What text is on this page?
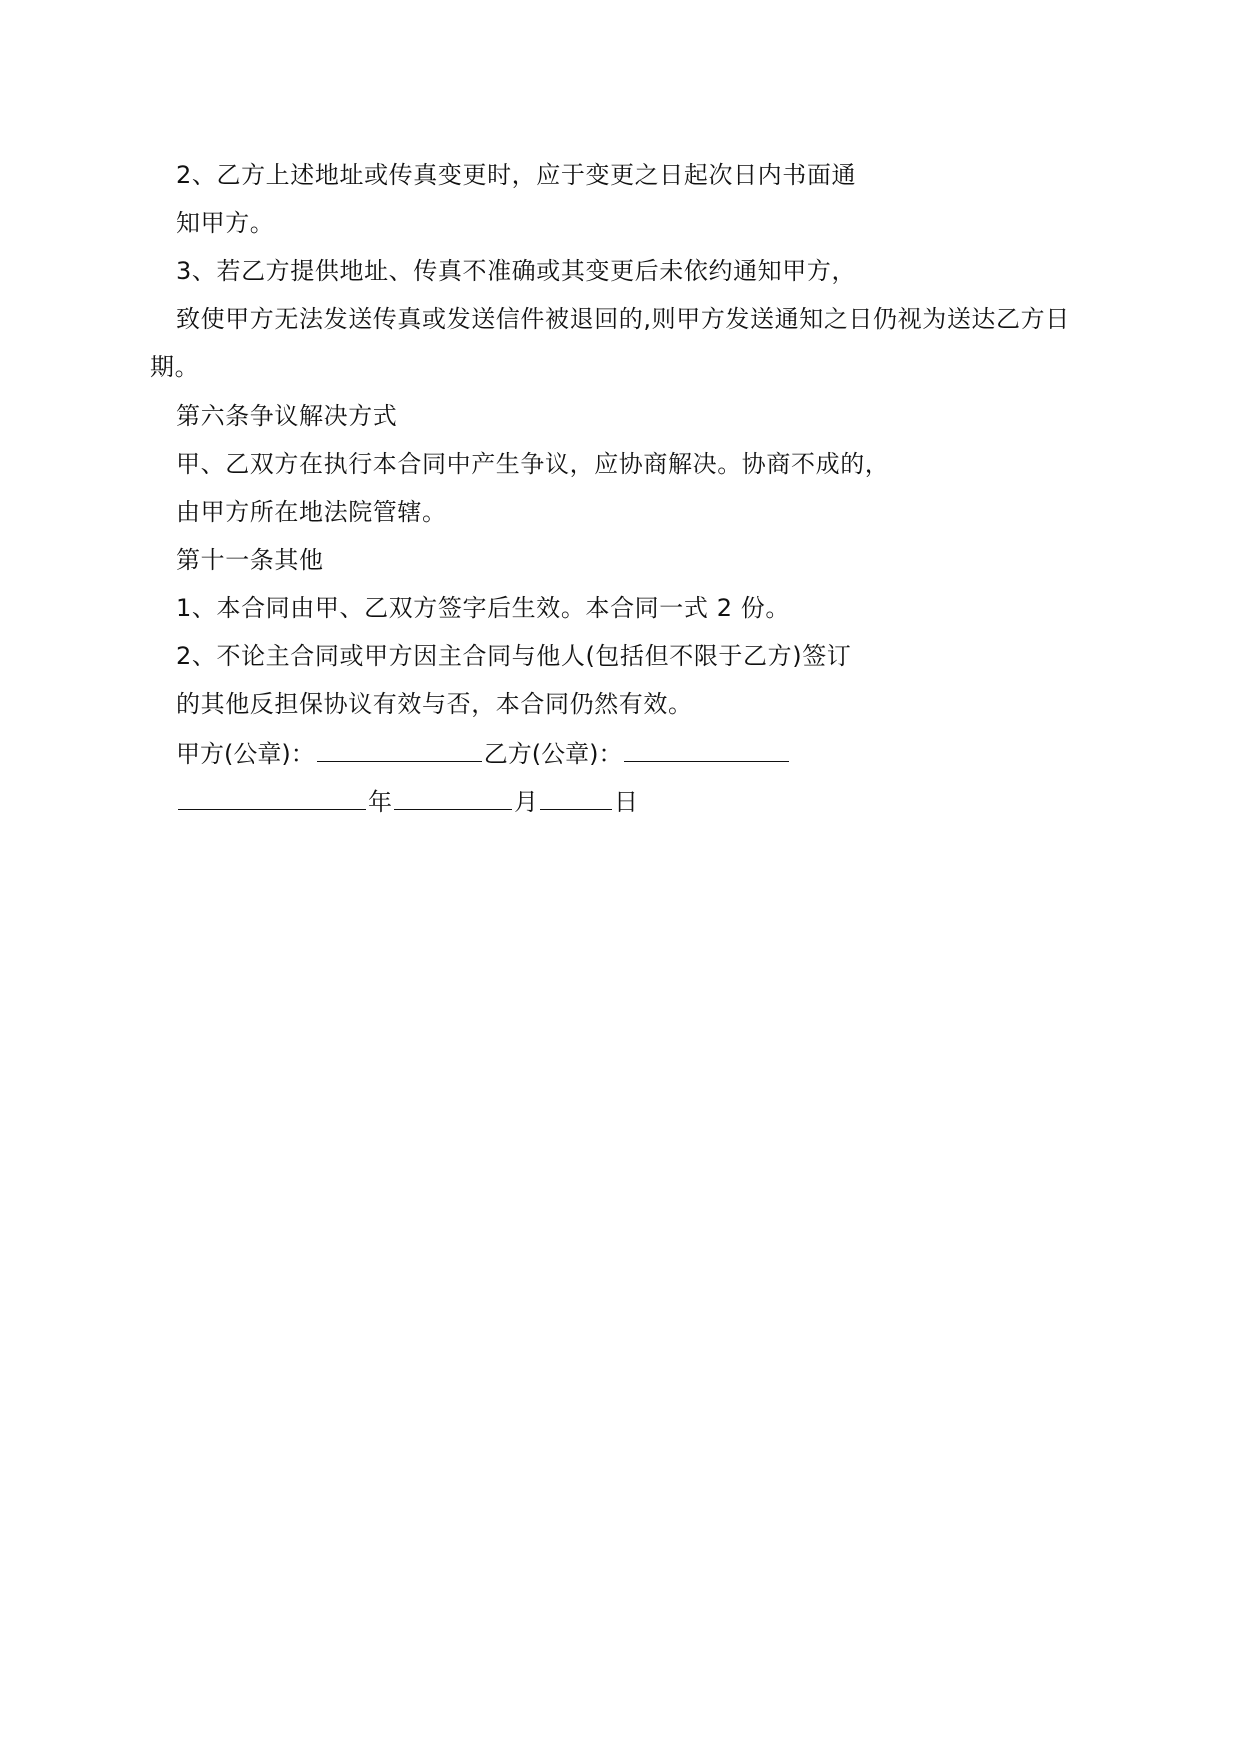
2、乙方上述地址或传真变更时，应于变更之日起次日内书面通
知甲方。
3、若乙方提供地址、传真不准确或其变更后未依约通知甲方，
致使甲方无法发送传真或发送信件被退回的,则甲方发送通知之日仍视为送达乙方日
期。
第六条争议解决方式
甲、乙双方在执行本合同中产生争议，应协商解决。协商不成的，
由甲方所在地法院管辖。
第十一条其他
1、本合同由甲、乙双方签字后生效。本合同一式 2 份。
2、不论主合同或甲方因主合同与他人(包括但不限于乙方)签订
的其他反担保协议有效与否，本合同仍然有效。
甲方(公章)：	乙方(公章)：
年	月	日
